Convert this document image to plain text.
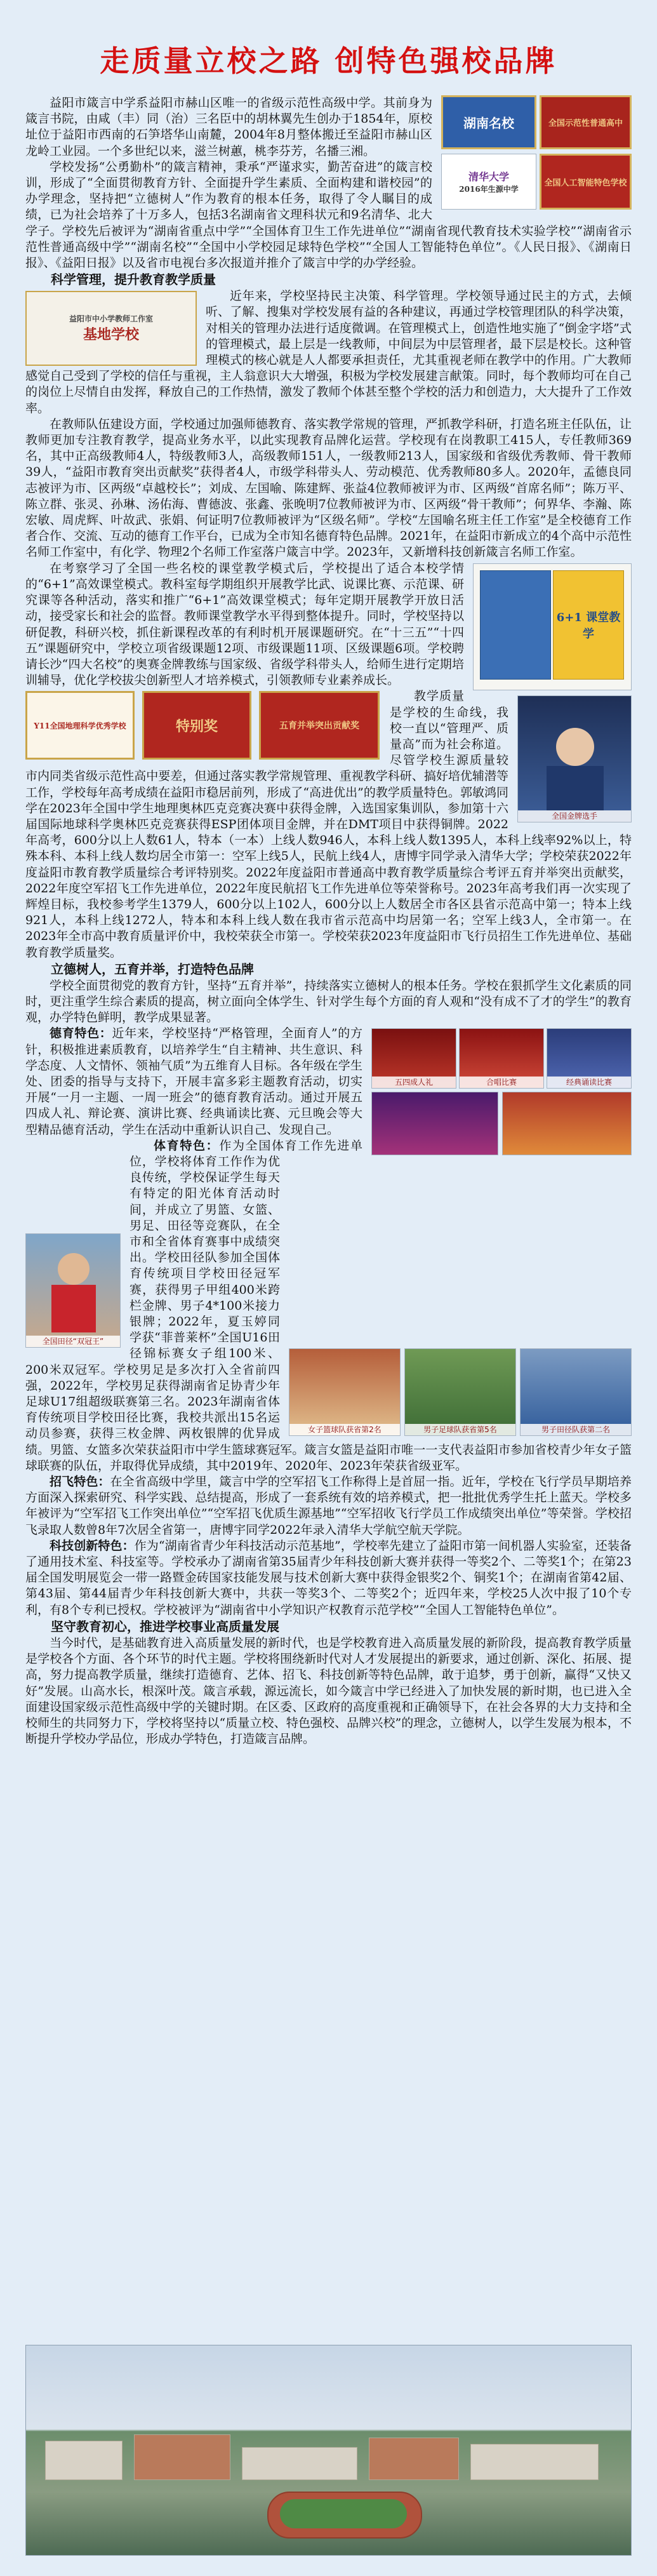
走质量立校之路 创特色强校品牌
湖南名校	全国示范性普通高中
清华大学
2016年生源中学
全国人工智能特色学校

益阳市箴言中学系益阳市赫山区唯一的省级示范性高级中学。其前身为箴言书院，由咸（丰）同（治）三名臣中的胡林翼先生创办于1854年，原校址位于益阳市西南的石笋塔华山南麓，2004年8月整体搬迁至益阳市赫山区龙岭工业园。一个多世纪以来，滋兰树蕙，桃李芬芳，名播三湘。

学校发扬“公勇勤朴”的箴言精神，秉承“严谨求实，勤苦奋进”的箴言校训，形成了“全面贯彻教育方针、全面提升学生素质、全面构建和谐校园”的办学理念，坚持把“立德树人”作为教育的根本任务，取得了令人瞩目的成绩，已为社会培养了十万多人，包括3名湖南省文理科状元和9名清华、北大学子。学校先后被评为“湖南省重点中学”“全国体育卫生工作先进单位”“湖南省现代教育技术实验学校”“湖南省示范性普通高级中学”“湖南名校”“全国中小学校园足球特色学校”“全国人工智能特色单位”。《人民日报》、《湖南日报》、《益阳日报》以及省市电视台多次报道并推介了箴言中学的办学经验。

科学管理，提升教育教学质量

益阳市中小学教师工作室
基地学校

近年来，学校坚持民主决策、科学管理。学校领导通过民主的方式，去倾听、了解、搜集对学校发展有益的各种建议，再通过学校管理团队的科学决策，对相关的管理办法进行适度微调。在管理模式上，创造性地实施了“倒金字塔”式的管理模式，最上层是一线教师，中间层为中层管理者，最下层是校长。这种管理模式的核心就是人人都要承担责任，尤其重视老师在教学中的作用。广大教师感觉自己受到了学校的信任与重视，主人翁意识大大增强，积极为学校发展建言献策。同时，每个教师均可在自己的岗位上尽情自由发挥，释放自己的工作热情，激发了教师个体甚至整个学校的活力和创造力，大大提升了工作效率。

在教师队伍建设方面，学校通过加强师德教育、落实教学常规的管理，严抓教学科研，打造名班主任队伍，让教师更加专注教育教学，提高业务水平，以此实现教育品牌化运营。学校现有在岗教职工415人，专任教师369名，其中正高级教师4人，特级教师3人，高级教师151人，一级教师213人，国家级和省级优秀教师、骨干教师39人，“益阳市教育突出贡献奖”获得者4人，市级学科带头人、劳动模范、优秀教师80多人。2020年，孟德良同志被评为市、区两级“卓越校长”；刘成、左国喻、陈建辉、张益4位教师被评为市、区两级“首席名师”；陈万平、陈立群、张灵、孙琳、汤佑海、曹德波、张鑫、张晚明7位教师被评为市、区两级“骨干教师”；何界华、李瀚、陈宏敏、周虎辉、叶故武、张娟、何证明7位教师被评为“区级名师”。学校“左国喻名班主任工作室”是全校德育工作者合作、交流、互动的德育工作平台，已成为全市知名德育特色品牌。2021年，在益阳市新成立的4个高中示范性名师工作室中，有化学、物理2个名师工作室落户箴言中学。2023年，又新增科技创新箴言名师工作室。

6+1 课堂教学

在考察学习了全国一些名校的课堂教学模式后，学校提出了适合本校学情的“6+1”高效课堂模式。教科室每学期组织开展教学比武、说课比赛、示范课、研究课等各种活动，落实和推广“6+1”高效课堂模式；每年定期开展教学开放日活动，接受家长和社会的监督。教师课堂教学水平得到整体提升。同时，学校坚持以研促教，科研兴校，抓住新课程改革的有利时机开展课题研究。在“十三五”“十四五”课题研究中，学校立项省级课题12项、市级课题11项、区级课题6项。学校聘请长沙“四大名校”的奥赛金牌教练与国家级、省级学科带头人，给师生进行定期培训辅导，优化学校拔尖创新型人才培养模式，引领教师专业素养成长。

Y11全国地理科学优秀学校	特别奖	五育并举突出贡献奖
全国金牌选手

教学质量是学校的生命线，我校一直以“管理严、质量高”而为社会称道。尽管学校生源质量较市内同类省级示范性高中要差，但通过落实教学常规管理、重视教学科研、搞好培优辅潜等工作，学校每年高考成绩在益阳市稳居前列，形成了“高进优出”的教学质量特色。郭敏鸿同学在2023年全国中学生地理奥林匹克竞赛决赛中获得金牌，入选国家集训队，参加第十六届国际地球科学奥林匹克竞赛获得ESP团体项目金牌，并在DMT项目中获得铜牌。2022年高考，600分以上人数61人，特本（一本）上线人数946人，本科上线人数1395人，本科上线率92%以上，特殊本科、本科上线人数均居全市第一：空军上线5人，民航上线4人，唐博宇同学录入清华大学；学校荣获2022年度益阳市教育教学质量综合考评特别奖。2022年度益阳市普通高中教育教学质量综合考评五育并举突出贡献奖，2022年度空军招飞工作先进单位，2022年度民航招飞工作先进单位等荣誉称号。2023年高考我们再一次实现了辉煌目标，我校参考学生1379人，600分以上102人，600分以上人数居全市各区县省示范高中第一；特本上线921人，本科上线1272人，特本和本科上线人数在我市省示范高中均居第一名；空军上线3人，全市第一。在2023年全市高中教育质量评价中，我校荣获全市第一。学校荣获2023年度益阳市飞行员招生工作先进单位、基础教育教学质量奖。

立德树人，五育并举，打造特色品牌

学校全面贯彻党的教育方针，坚持“五育并举”，持续落实立德树人的根本任务。学校在狠抓学生文化素质的同时，更注重学生综合素质的提高，树立面向全体学生、针对学生每个方面的育人观和“没有成不了才的学生”的教育观，办学特色鲜明，教学成果显著。

五四成人礼	合唱比赛	经典诵读比赛

德育特色：近年来，学校坚持“严格管理，全面育人”的方针，积极推进素质教育，以培养学生“自主精神、共生意识、科学态度、人文情怀、领袖气质”为五维育人目标。各年级在学生处、团委的指导与支持下，开展丰富多彩主题教育活动，切实开展“一月一主题、一周一班会”的德育教育活动。通过开展五四成人礼、辩论赛、演讲比赛、经典诵读比赛、元旦晚会等大型精品德育活动，学生在活动中重新认识自己、发现自己。

全国田径“双冠王”
女子篮球队获省第2名	男子足球队获省第5名	男子田径队获第二名

体育特色：作为全国体育工作先进单位，学校将体育工作作为优良传统，学校保证学生每天有特定的阳光体育活动时间，并成立了男篮、女篮、男足、田径等竞赛队，在全市和全省体育赛事中成绩突出。学校田径队参加全国体育传统项目学校田径冠军赛，获得男子甲组400米跨栏金牌、男子4*100米接力银牌；2022年，夏玉婷同学获“菲普莱杯”全国U16田径锦标赛女子组100米、200米双冠军。学校男足是多次打入全省前四强，2022年，学校男足获得湖南省足协青少年足球U17组超级联赛第三名。2023年湖南省体育传统项目学校田径比赛，我校共派出15名运动员参赛，获得三枚金牌、两枚银牌的优异成绩。男篮、女篮多次荣获益阳市中学生篮球赛冠军。箴言女篮是益阳市唯一一支代表益阳市参加省校青少年女子篮球联赛的队伍，并取得优异成绩，其中2019年、2020年、2023年荣获省级亚军。

招飞特色：在全省高级中学里，箴言中学的空军招飞工作称得上是首屈一指。近年，学校在飞行学员早期培养方面深入探索研究、科学实践、总结提高，形成了一套系统有效的培养模式，把一批批优秀学生托上蓝天。学校多年被评为“空军招飞工作突出单位”“空军招飞优质生源基地”“空军招收飞行学员工作成绩突出单位”等荣誉。学校招飞录取人数曾8年7次居全省第一，唐博宇同学2022年录入清华大学航空航天学院。

科技创新特色：作为“湖南省青少年科技活动示范基地”，学校率先建立了益阳市第一间机器人实验室，还装备了通用技术室、科技室等。学校承办了湖南省第35届青少年科技创新大赛并获得一等奖2个、二等奖1个；在第23届全国发明展览会一带一路暨金砖国家技能发展与技术创新大赛中获得金银奖2个、铜奖1个；在湖南省第42届、第43届、第44届青少年科技创新大赛中，共获一等奖3个、二等奖2个；近四年来，学校25人次中报了10个专利，有8个专利已授权。学校被评为“湖南省中小学知识产权教育示范学校”“全国人工智能特色单位”。

坚守教育初心，推进学校事业高质量发展

当今时代，是基础教育进入高质量发展的新时代，也是学校教育进入高质量发展的新阶段，提高教育教学质量是学校各个方面、各个环节的时代主题。学校将围绕新时代对人才发展提出的新要求，通过创新、深化、拓展、提高，努力提高教学质量，继续打造德育、艺体、招飞、科技创新等特色品牌，敢于追梦，勇于创新，赢得“又快又好”发展。山高水长，根深叶茂。箴言承载，源远流长，如今箴言中学已经进入了加快发展的新时期，也已进入全面建设国家级示范性高级中学的关键时期。在区委、区政府的高度重视和正确领导下，在社会各界的大力支持和全校师生的共同努力下，学校将坚持以“质量立校、特色强校、品牌兴校”的理念，立德树人，以学生发展为根本，不断提升学校办学品位，形成办学特色，打造箴言品牌。
